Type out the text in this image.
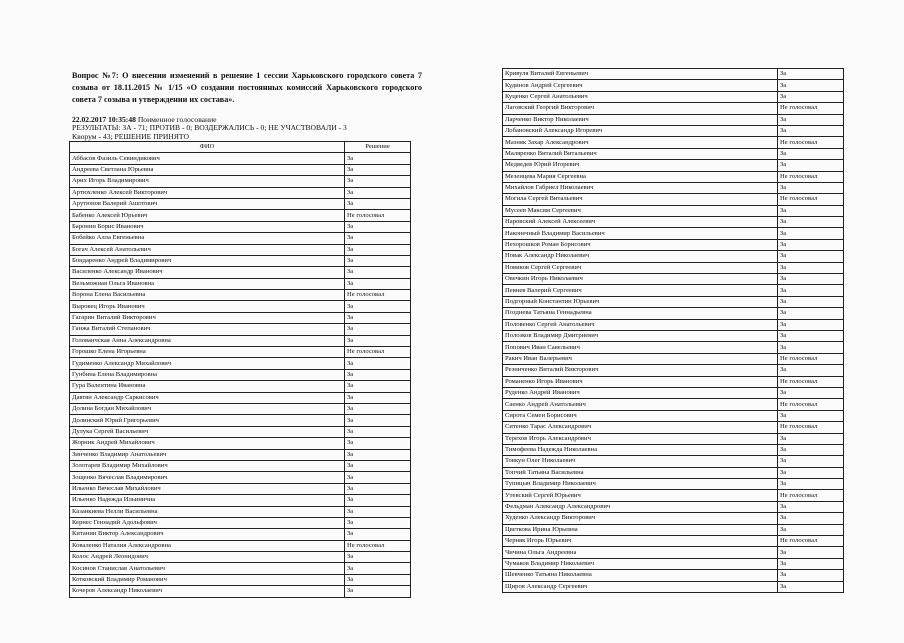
Вопрос №7: О внесении изменений в решение 1 сессии Харьковского городского совета 7 созыва от 18.11.2015 № 1/15 «О создании постоянных комиссий Харьковского городского совета 7 созыва и утверждении их состава».
22.02.2017 10:35:48 Поименное голосование
РЕЗУЛЬТАТЫ: ЗА - 71; ПРОТИВ - 0; ВОЗДЕРЖАЛИСЬ - 0; НЕ УЧАСТВОВАЛИ - 3
Кворум - 43; РЕШЕНИЕ ПРИНЯТО
ФИО	Решение
Аббасов Фазиль Севиндикович	За
Андреева Светлана Юрьевна	За
Арих Игорь Владимирович	За
Артюхленко Алексей Викторович	За
Арутюнов Валерий Ашотович	За
Бабенко Алексей Юрьевич	Не голосовал
Баронин Борис Иванович	За
Бобейко Алла Евгеньевна	За
Богач Алексей Анатольевич	За
Бондаренко Андрей Владимирович	За
Василенко Александр Иванович	За
Вельможная Ольга Ивановна	За
Ворона Елена Васильевна	Не голосовал
Выровец Игорь Иванович	За
Гагарин Виталий Викторович	За
Ганжа Виталий Степанович	За
Голованчская Анна Александровна	За
Горошко Елена Игорьевна	Не голосовал
Гудименко Александр Михайлович	За
Гунбина Елена Владимировна	За
Гура Валентина Ивановна	За
Давтян Александр Саркисович	За
Долина Богдан Михайлович	За
Долинский Юрий Григорьевич	За
Дулука Сергей Васильевич	За
Жорник Андрей Михайлович	За
Зинченко Владимир Анатольевич	За
Золотарев Владимир Михайлович	За
Зощенко Вячеслав Владимирович	За
Ильенко Вячеслав Михайлович	За
Ильенко Надежда Ильинична	За
Казанкиева Нелли Васильевна	За
Кернес Геннадий Адольфович	За
Китанин Виктор Александрович	За
Коваленко Наталия Александровна	Не голосовал
Колос Андрей Леонидович	За
Косинов Станислав Анатольевич	За
Котковский Владимир Романович	За
Кочеров Александр Николаевич	За
Кривуля Виталий Евгеньевич	За
Кудинов Андрей Сергеевич	За
Куценко Сергей Анатольевич	За
Лаговский Георгий Викторович	Не голосовал
Ларченко Виктор Николаевич	За
Лобановский Александр Игоревич	За
Мазняк Захар Александрович	Не голосовал
Маляренко Виталий Витальевич	За
Медведев Юрий Игоревич	За
Мезенцева Мария Сергеевна	Не голосовал
Михайлов Габриел Николаевич	За
Могила Сергей Витальевич	Не голосовал
Мусеев Максим Сергеевич	За
Наровский Алексей Алексеевич	За
Наконечный Владимир Васильевич	За
Нехорошков Роман Борисович	За
Новак Александр Николаевич	За
Новиков Сергей Сергеевич	За
Овечкин Игорь Николаевич	За
Певнев Валерий Сергеевич	За
Подгорный Константин Юрьевич	За
Позднева Татьяна Геннадьевна	За
Половенко Сергей Анатольевич	За
Полозков Владимир Дмитриевич	За
Попович Иван Савельевич	За
Ракич Иван Валерьевич	Не голосовал
Резниченко Виталий Викторович	За
Романенко Игорь Иванович	Не голосовал
Руденко Андрей Иванович	За
Саенко Андрей Анатольевич	Не голосовал
Сирота Семен Борисович	За
Ситенко Тарас Александрович	Не голосовал
Терехов Игорь Александрович	За
Тимофеева Надежда Николаевна	За
Товкун Олег Николаевич	За
Топчий Татьяна Васильевна	За
Тупицын Владимир Николаевич	За
Утевский Сергей Юрьевич	Не голосовал
Фельдман Александр Александрович	За
Худенко Александр Викторович	За
Цветкова Ирина Юрьевна	За
Черняк Игорь Юрьевич	Не голосовал
Чичина Ольга Андреевна	За
Чумаков Владимир Николаевич	За
Шевченко Татьяна Николаевна	За
Щиров Александр Сергеевич	За
